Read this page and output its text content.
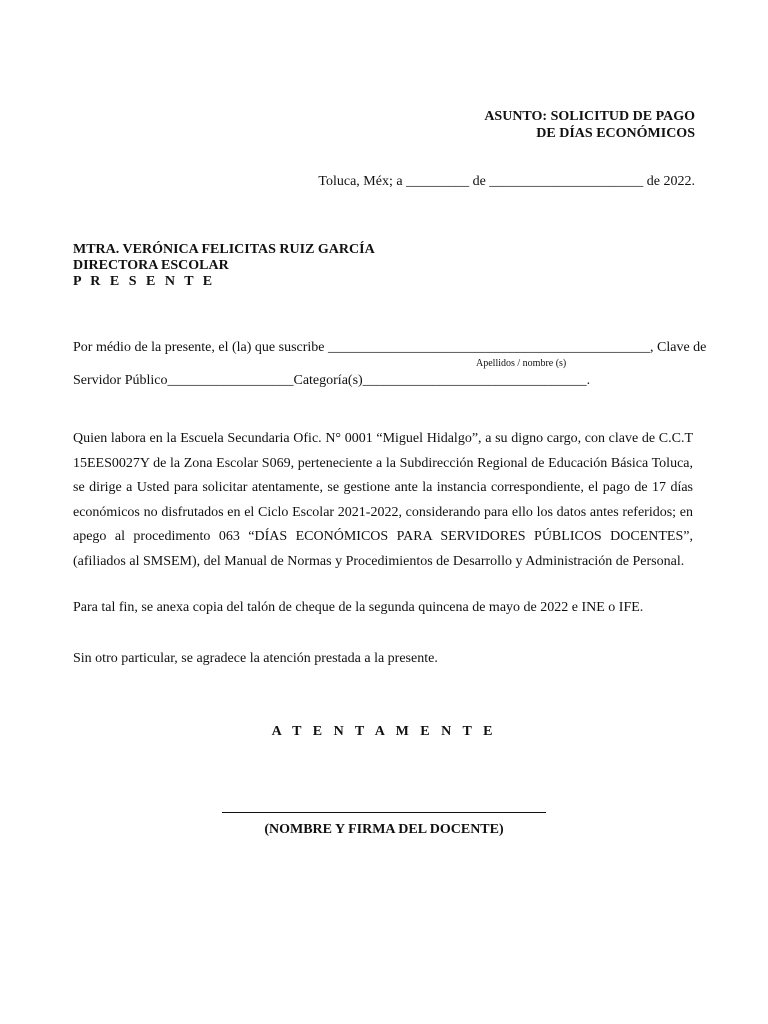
ASUNTO: SOLICITUD DE PAGO
DE DÍAS ECONÓMICOS
Toluca, Méx; a _________ de ______________________ de 2022.
MTRA. VERÓNICA FELICITAS RUIZ GARCÍA
DIRECTORA ESCOLAR
P R E S E N T E
Por médio de la presente, el (la) que suscribe ______________________________________________, Clave de
Apellidos / nombre (s)
Servidor Público__________________Categoría(s)________________________________.
Quien labora en la Escuela Secundaria Ofic. N° 0001 “Miguel Hidalgo”, a su digno cargo, con clave de C.C.T 15EES0027Y de la Zona Escolar S069, perteneciente a la Subdirección Regional de Educación Básica Toluca, se dirige a Usted para solicitar atentamente, se gestione ante la instancia correspondiente, el pago de 17 días económicos no disfrutados en el Ciclo Escolar 2021-2022, considerando para ello los datos antes referidos; en apego al procedimento 063 “DÍAS ECONÓMICOS PARA SERVIDORES PÚBLICOS DOCENTES”, (afiliados al SMSEM), del Manual de Normas y Procedimientos de Desarrollo y Administración de Personal.
Para tal fin, se anexa copia del talón de cheque de la segunda quincena de mayo de 2022 e INE o IFE.
Sin otro particular, se agradece la atención prestada a la presente.
A T E N T A M E N T E
(NOMBRE Y FIRMA DEL DOCENTE)
